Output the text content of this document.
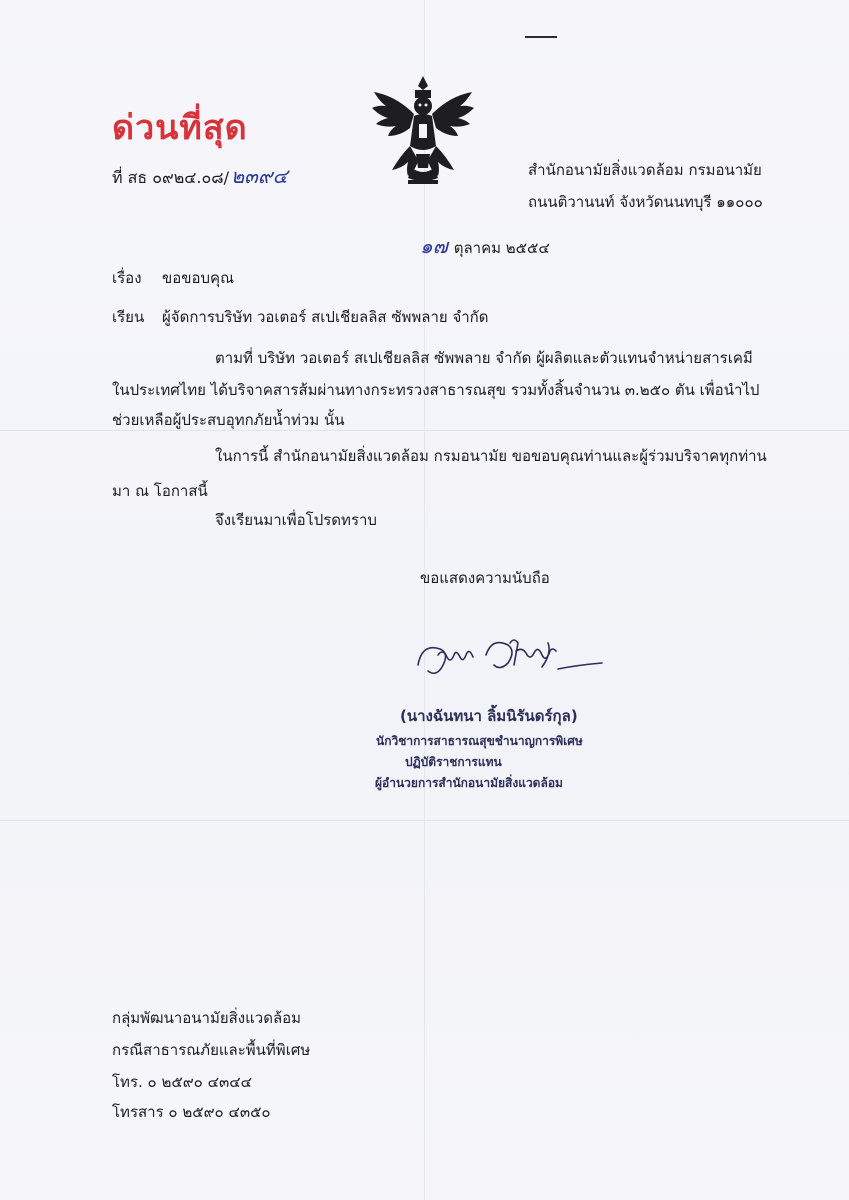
ด่วนที่สุด
ที่ สธ ๐๙๒๔.๐๘/ ๒๓๙๔	สำนักอนามัยสิ่งแวดล้อม กรมอนามัย
ถนนติวานนท์ จังหวัดนนทบุรี ๑๑๐๐๐
๑๗ ตุลาคม ๒๕๕๔
เรื่อง ขอขอบคุณ
เรียน ผู้จัดการบริษัท วอเตอร์ สเปเชียลลิส ซัพพลาย จำกัด
ตามที่ บริษัท วอเตอร์ สเปเชียลลิส ซัพพลาย จำกัด ผู้ผลิตและตัวแทนจำหน่ายสารเคมี
ในประเทศไทย ได้บริจาคสารส้มผ่านทางกระทรวงสาธารณสุข รวมทั้งสิ้นจำนวน ๓.๒๕๐ ตัน เพื่อนำไป
ช่วยเหลือผู้ประสบอุทกภัยน้ำท่วม นั้น
ในการนี้ สำนักอนามัยสิ่งแวดล้อม กรมอนามัย ขอขอบคุณท่านและผู้ร่วมบริจาคทุกท่าน
มา ณ โอกาสนี้
จึงเรียนมาเพื่อโปรดทราบ
ขอแสดงความนับถือ
(นางฉันทนา ลิ้มนิรันดร์กุล)
นักวิชาการสาธารณสุขชำนาญการพิเศษ
ปฏิบัติราชการแทน
ผู้อำนวยการสำนักอนามัยสิ่งแวดล้อม
กลุ่มพัฒนาอนามัยสิ่งแวดล้อม
กรณีสาธารณภัยและพื้นที่พิเศษ
โทร. ๐ ๒๕๙๐ ๔๓๔๔
โทรสาร ๐ ๒๕๙๐ ๔๓๕๐
